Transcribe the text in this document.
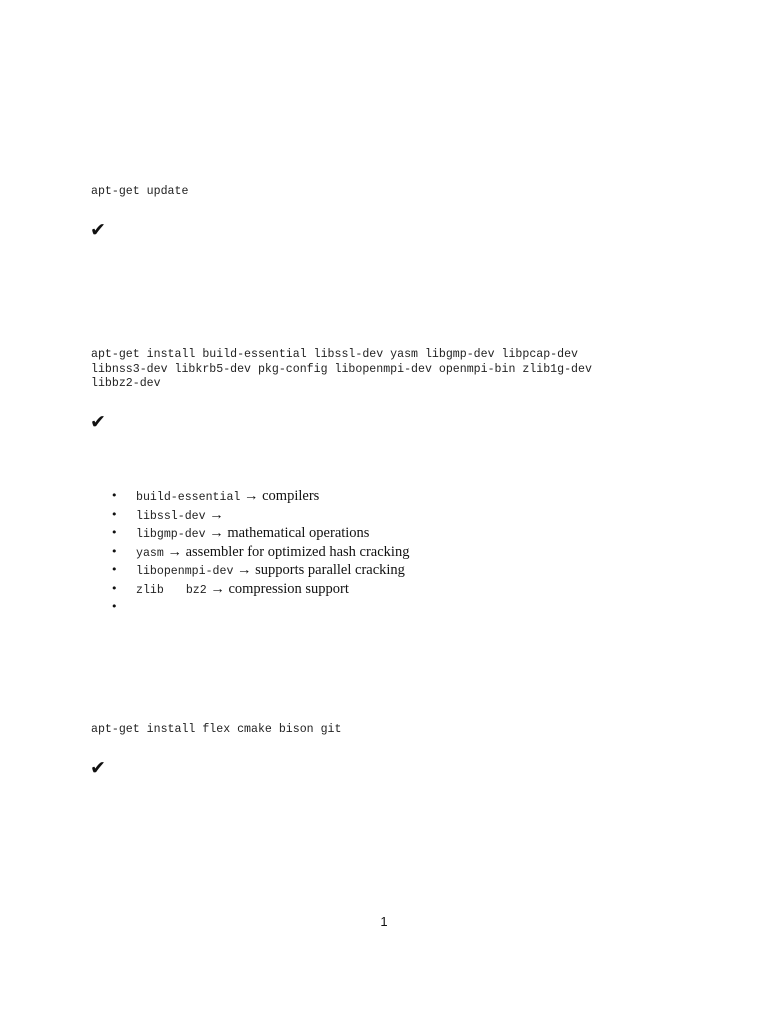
apt-get update
✔
apt-get install build-essential libssl-dev yasm libgmp-dev libpcap-dev
libnss3-dev libkrb5-dev pkg-config libopenmpi-dev openmpi-bin zlib1g-dev
libbz2-dev
✔
• build-essential → compilers
• libssl-dev →
• libgmp-dev → mathematical operations
• yasm → assembler for optimized hash cracking
• libopenmpi-dev → supports parallel cracking
• zlib bz2 → compression support
•
apt-get install flex cmake bison git
✔
1
